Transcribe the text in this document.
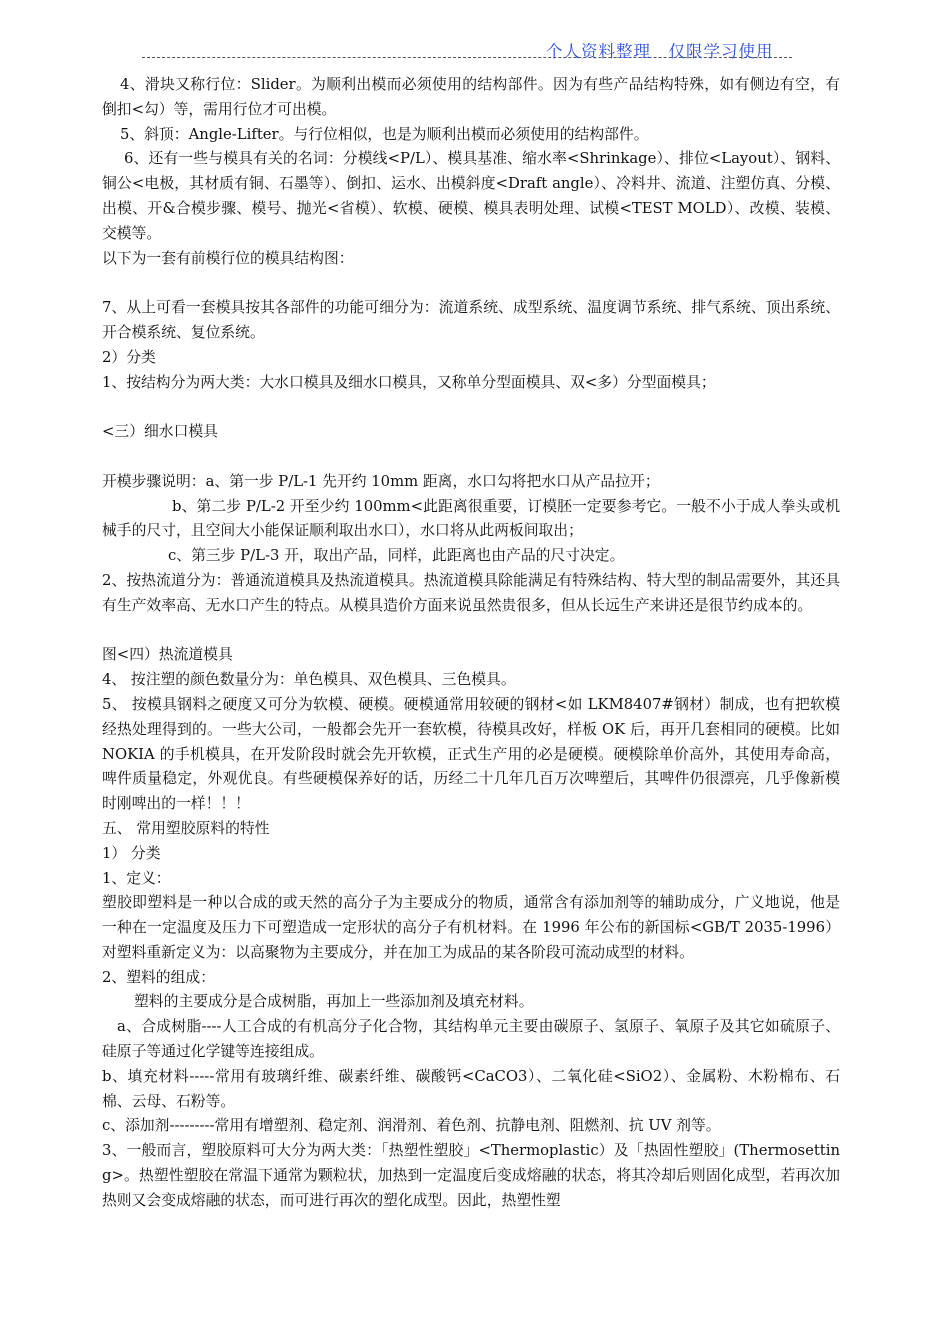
个人资料整理　仅限学习使用

4、滑块又称行位：Slider。为顺利出模而必须使用的结构部件。因为有些产品结构特殊，如有侧边有空，有倒扣<勾）等，需用行位才可出模。

5、斜顶：Angle-Lifter。与行位相似，也是为顺利出模而必须使用的结构部件。

6、还有一些与模具有关的名词：分模线<P/L）、模具基准、缩水率<Shrinkage）、排位<Layout）、钢料、铜公<电极，其材质有铜、石墨等）、倒扣、运水、出模斜度<Draft angle）、冷料井、流道、注塑仿真、分模、出模、开&合模步骤、模号、抛光<省模）、软模、硬模、模具表明处理、试模<TEST MOLD）、改模、装模、交模等。

以下为一套有前模行位的模具结构图：

7、从上可看一套模具按其各部件的功能可细分为：流道系统、成型系统、温度调节系统、排气系统、顶出系统、开合模系统、复位系统。

2）分类

1、按结构分为两大类：大水口模具及细水口模具，又称单分型面模具、双<多）分型面模具；

<三）细水口模具

开模步骤说明：a、第一步 P/L-1 先开约 10mm 距离，水口勾将把水口从产品拉开；

b、第二步 P/L-2 开至少约 100mm<此距离很重要，订模胚一定要参考它。一般不小于成人拳头或机械手的尺寸，且空间大小能保证顺利取出水口），水口将从此两板间取出；

c、第三步 P/L-3 开，取出产品，同样，此距离也由产品的尺寸决定。

2、按热流道分为：普通流道模具及热流道模具。热流道模具除能满足有特殊结构、特大型的制品需要外，其还具有生产效率高、无水口产生的特点。从模具造价方面来说虽然贵很多，但从长远生产来讲还是很节约成本的。

图<四）热流道模具

4、 按注塑的颜色数量分为：单色模具、双色模具、三色模具。

5、 按模具钢料之硬度又可分为软模、硬模。硬模通常用较硬的钢材<如 LKM8407#钢材）制成，也有把软模经热处理得到的。一些大公司，一般都会先开一套软模，待模具改好，样板 OK 后，再开几套相同的硬模。比如 NOKIA 的手机模具，在开发阶段时就会先开软模，正式生产用的必是硬模。硬模除单价高外，其使用寿命高，啤件质量稳定，外观优良。有些硬模保养好的话，历经二十几年几百万次啤塑后，其啤件仍很漂亮，几乎像新模时刚啤出的一样！！！

五、 常用塑胶原料的特性

1） 分类

1、定义：

塑胶即塑料是一种以合成的或天然的高分子为主要成分的物质，通常含有添加剂等的辅助成分，广义地说，他是一种在一定温度及压力下可塑造成一定形状的高分子有机材料。在 1996 年公布的新国标<GB/T 2035-1996）对塑料重新定义为：以高聚物为主要成分，并在加工为成品的某各阶段可流动成型的材料。

2、塑料的组成：

塑料的主要成分是合成树脂，再加上一些添加剂及填充材料。

a、合成树脂----人工合成的有机高分子化合物，其结构单元主要由碳原子、氢原子、氧原子及其它如硫原子、硅原子等通过化学键等连接组成。

b、填充材料-----常用有玻璃纤维、碳素纤维、碳酸钙<CaCO3）、二氧化硅<SiO2）、金属粉、木粉棉布、石棉、云母、石粉等。

c、添加剂---------常用有增塑剂、稳定剂、润滑剂、着色剂、抗静电剂、阻燃剂、抗 UV 剂等。

3、一般而言，塑胶原料可大分为两大类：「热塑性塑胶」<Thermoplastic）及「热固性塑胶」(Thermosetting>。热塑性塑胶在常温下通常为颗粒状，加热到一定温度后变成熔融的状态，将其冷却后则固化成型，若再次加热则又会变成熔融的状态，而可进行再次的塑化成型。因此，热塑性塑
